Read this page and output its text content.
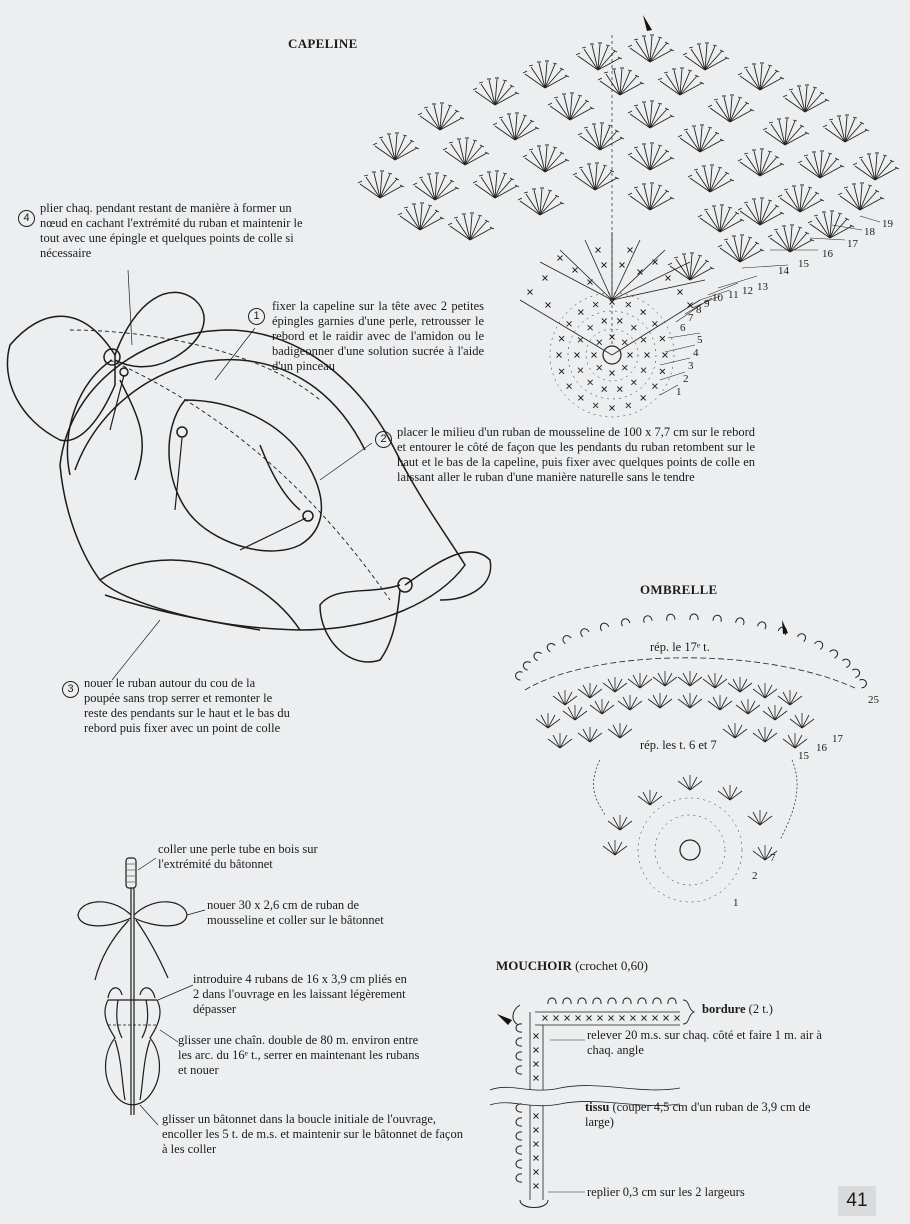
CAPELINE
4
plier chaq. pendant restant de manière à former un nœud en cachant l'extrémité du ruban et maintenir le tout avec une épingle et quelques points de colle si nécessaire
1
fixer la capeline sur la tête avec 2 petites épingles garnies d'une perle, retrousser le rebord et le raidir avec de l'amidon ou le badigeonner d'une solution sucrée à l'aide d'un pinceau
2 placer le milieu d'un ruban de mousseline de 100 x 7,7 cm sur le rebord et entourer le côté de façon que les pendants du ruban retombent sur le haut et le bas de la capeline, puis fixer avec quelques points de colle en laissant aller le ruban d'une manière naturelle sans le tendre
3 nouer le ruban autour du cou de la poupée sans trop serrer et remonter le reste des pendants sur le haut et le bas du rebord puis fixer avec un point de colle
1
2
3
4
5
6
7
8 9 10 11 12 13
14
15
16
17
18
19
OMBRELLE
rép. le 17ᵉ t.
rép. les t. 6 et 7
1
2
7
15
16
17
25
coller une perle tube en bois sur l'extrémité du bâtonnet
nouer 30 x 2,6 cm de ruban de mousseline et coller sur le bâtonnet
introduire 4 rubans de 16 x 3,9 cm pliés en 2 dans l'ouvrage en les laissant légèrement dépasser
glisser une chaîn. double de 80 m. environ entre les arc. du 16ᵉ t., serrer en maintenant les rubans et nouer
glisser un bâtonnet dans la boucle initiale de l'ouvrage, encoller les 5 t. de m.s. et maintenir sur le bâtonnet de façon à les coller
MOUCHOIR (crochet 0,60)
bordure (2 t.)
relever 20 m.s. sur chaq. côté et faire 1 m. air à chaq. angle
tissu (couper 4,5 cm d'un ruban de 3,9 cm de large)
replier 0,3 cm sur les 2 largeurs	41
